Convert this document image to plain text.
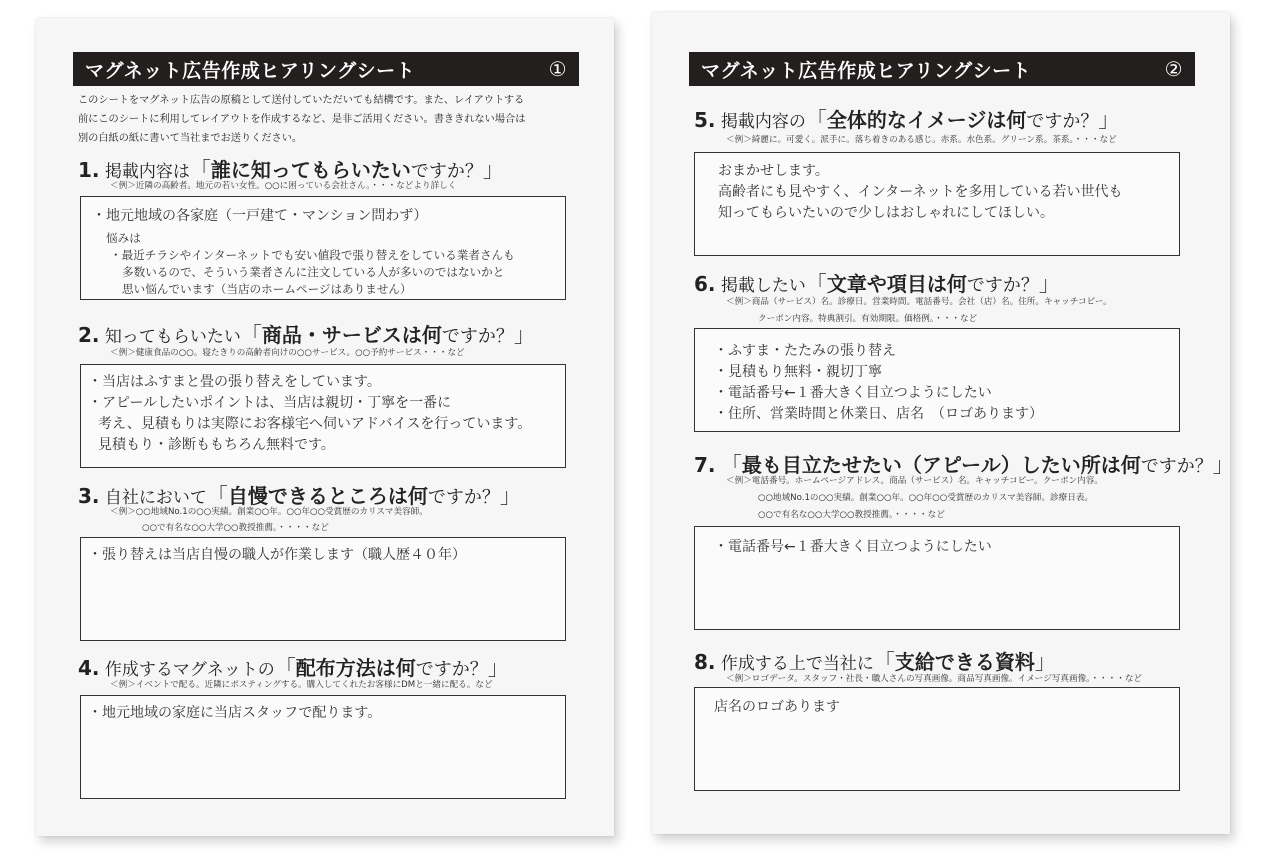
マグネット広告作成ヒアリングシート	①
このシートをマグネット広告の原稿として送付していただいても結構です。また、レイアウトする
前にこのシートに利用してレイアウトを作成するなど、是非ご活用ください。書ききれない場合は
別の白紙の紙に書いて当社までお送りください。
1. 掲載内容は「誰に知ってもらいたいですか？」
＜例＞近隣の高齢者。地元の若い女性。○○に困っている会社さん。・・・などより詳しく
・地元地域の各家庭（一戸建て・マンション問わず）
悩みは
・最近チラシやインターネットでも安い値段で張り替えをしている業者さんも
多数いるので、そういう業者さんに注文している人が多いのではないかと
思い悩んでいます（当店のホームページはありません）
2. 知ってもらいたい「商品・サービスは何ですか？」
＜例＞健康食品の○○。寝たきりの高齢者向けの○○サービス。○○予約サービス・・・など
・当店はふすまと畳の張り替えをしています。
・アピールしたいポイントは、当店は親切・丁寧を一番に
考え、見積もりは実際にお客様宅へ伺いアドバイスを行っています。
見積もり・診断ももちろん無料です。
3. 自社において「自慢できるところは何ですか？」
＜例＞○○地域No.1の○○実績。創業○○年。○○年○○受賞歴のカリスマ美容師。
○○で有名な○○大学○○教授推薦。・・・・など
・張り替えは当店自慢の職人が作業します（職人歴４０年）
4. 作成するマグネットの「配布方法は何ですか？」
＜例＞イベントで配る。近隣にポスティングする。購入してくれたお客様にDMと一緒に配る。など
・地元地域の家庭に当店スタッフで配ります。
マグネット広告作成ヒアリングシート	②
5. 掲載内容の「全体的なイメージは何ですか？」
＜例＞綺麗に。可愛く。派手に。落ち着きのある感じ。赤系。水色系。グリーン系。茶系。・・・など
おまかせします。
高齢者にも見やすく、インターネットを多用している若い世代も
知ってもらいたいので少しはおしゃれにしてほしい。
6. 掲載したい「文章や項目は何ですか？」
＜例＞商品（サービス）名。診療日。営業時間。電話番号。会社（店）名。住所。キャッチコピー。
クーポン内容。特典割引。有効期限。価格例。・・・など
・ふすま・たたみの張り替え
・見積もり無料・親切丁寧
・電話番号←１番大きく目立つようにしたい
・住所、営業時間と休業日、店名　（ロゴあります）
7. 「最も目立たせたい（アピール）したい所は何ですか？」
＜例＞電話番号。ホームページアドレス。商品（サービス）名。キャッチコピー。クーポン内容。
○○地域No.1の○○実績。創業○○年。○○年○○受賞歴のカリスマ美容師。診療日表。
○○で有名な○○大学○○教授推薦。・・・・など
・電話番号←１番大きく目立つようにしたい
8. 作成する上で当社に「支給できる資料」
＜例＞ロゴデータ。スタッフ・社長・職人さんの写真画像。商品写真画像。イメージ写真画像。・・・・など
店名のロゴあります
